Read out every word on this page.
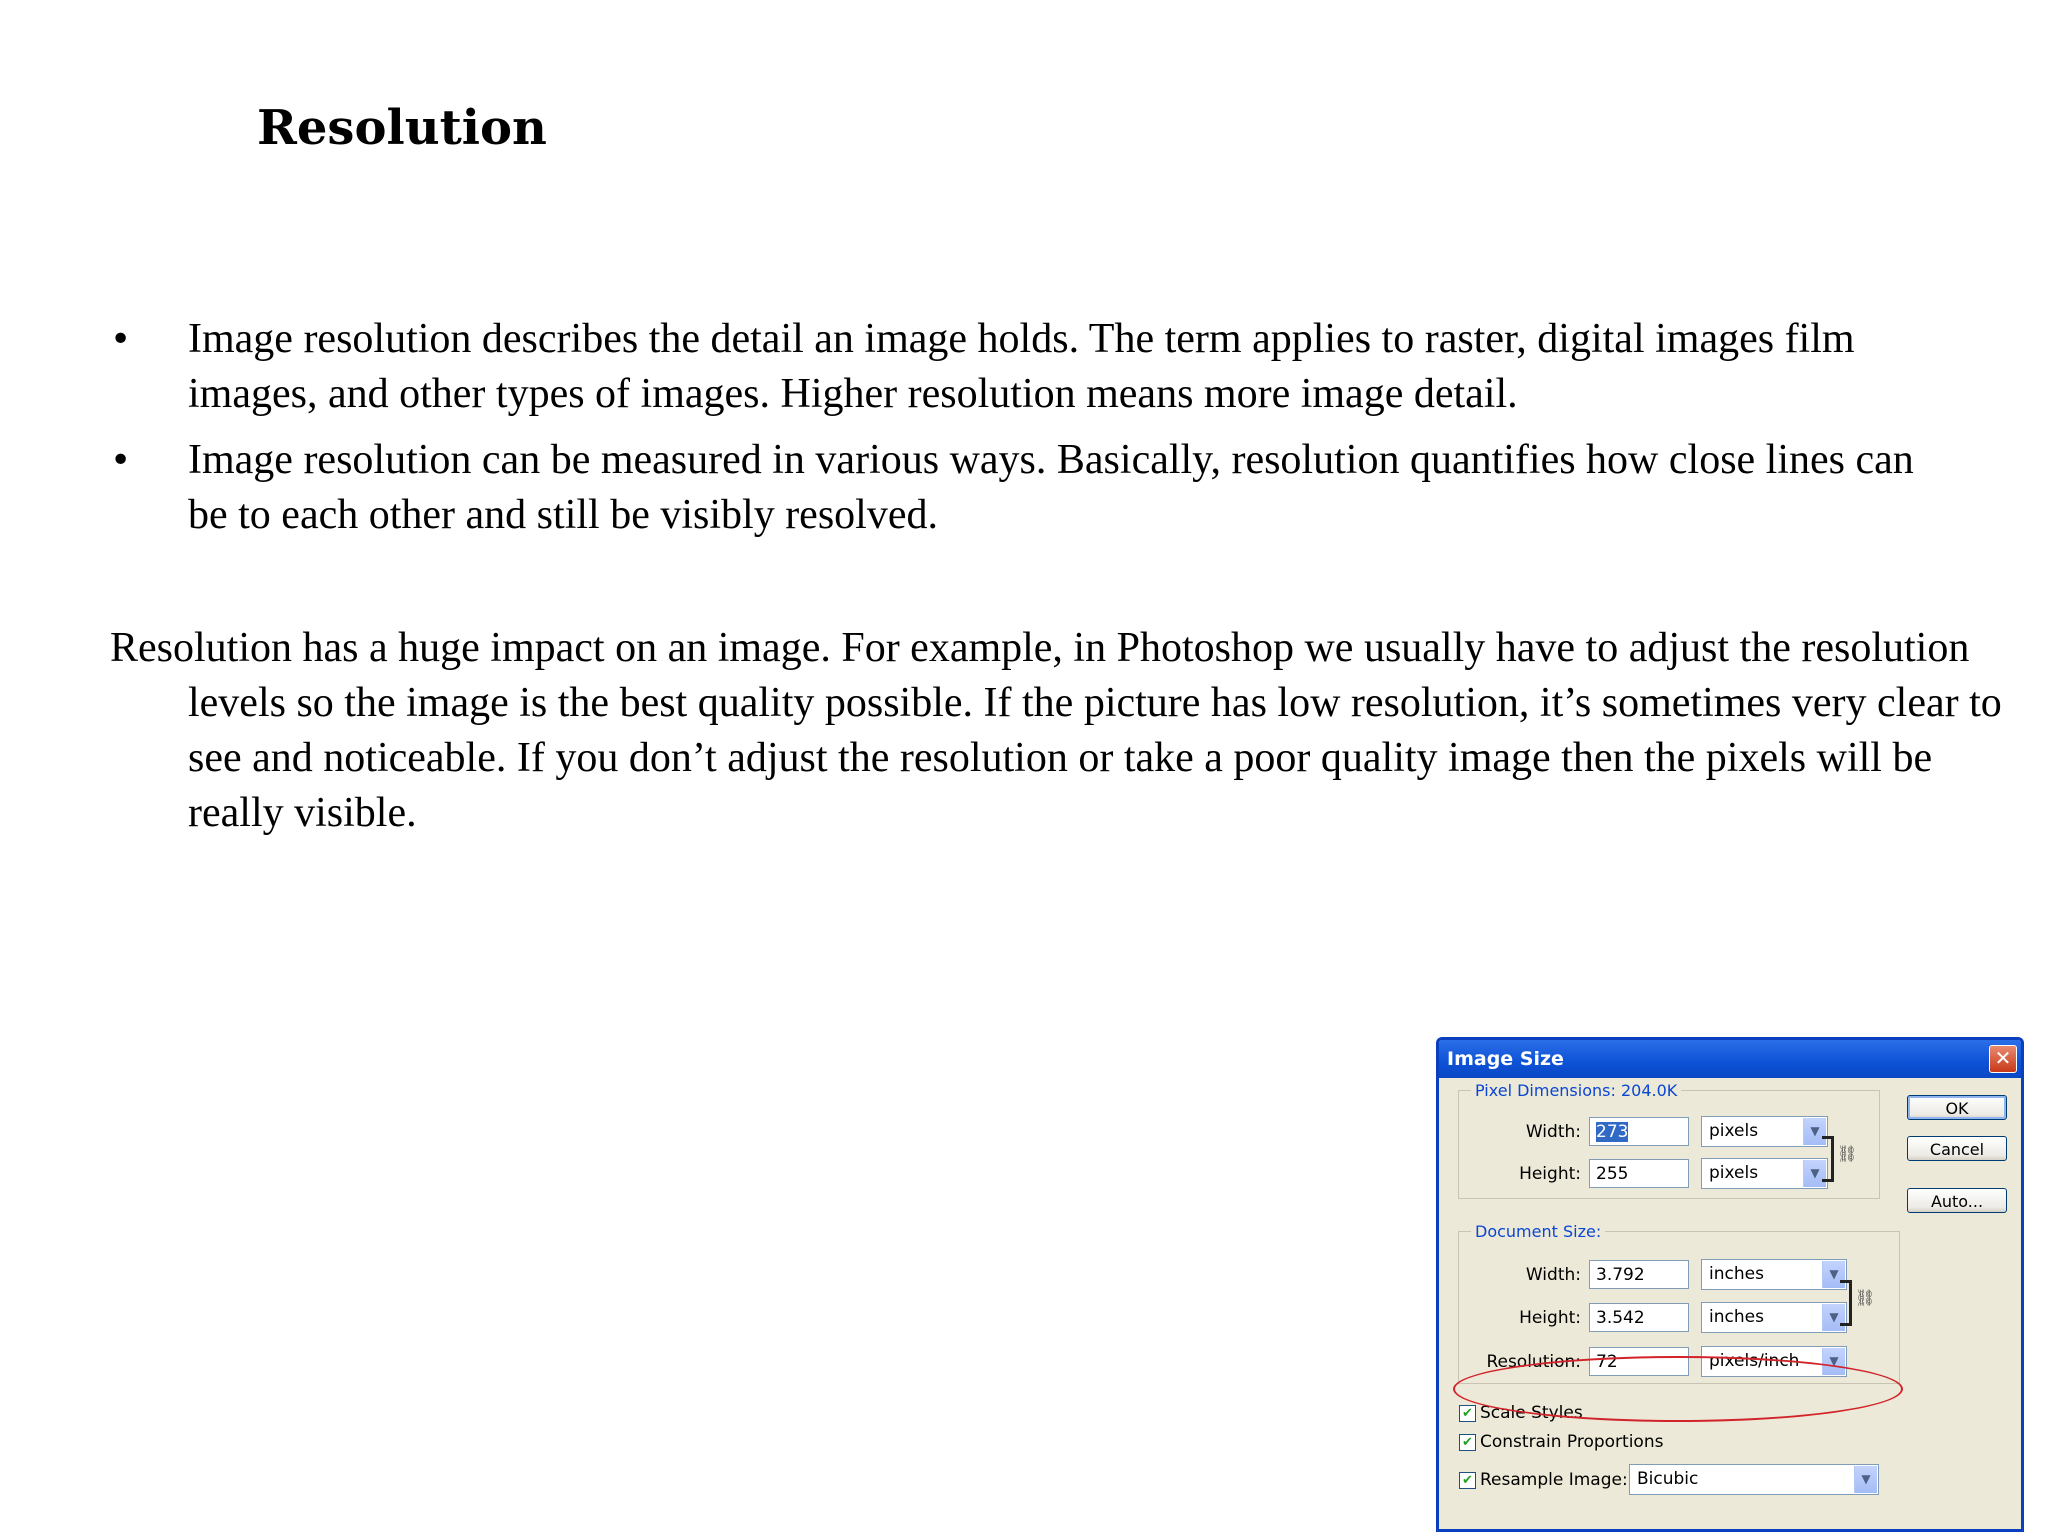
Resolution
• Image resolution describes the detail an image holds. The term applies to raster, digital images film images, and other types of images. Higher resolution means more image detail.
• Image resolution can be measured in various ways. Basically, resolution quantifies how close lines can be to each other and still be visibly resolved.

Resolution has a huge impact on an image. For example, in Photoshop we usually have to adjust the resolution levels so the image is the best quality possible. If the picture has low resolution, it’s sometimes very clear to see and noticeable. If you don’t adjust the resolution or take a poor quality image then the pixels will be really visible.

Image Size	✕
Pixel Dimensions: 204.0K
Width: 273	pixels	▼
Height: 255	pixels	▼
⛓
Document Size:
Width: 3.792	inches	▼
Height: 3.542	inches	▼
Resolution: 72	pixels/inch	▼
⛓
OK
Cancel
Auto...
✔ Scale Styles
✔ Constrain Proportions
✔ Resample Image: Bicubic	▼
